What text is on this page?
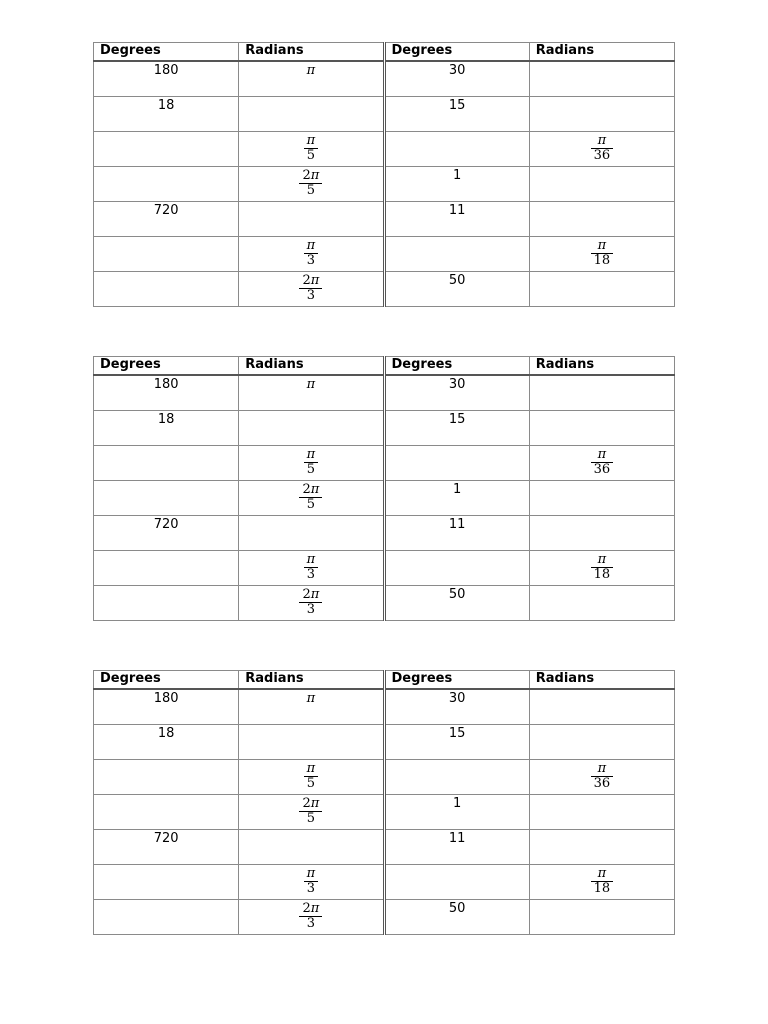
Degrees	Radians	Degrees	Radians
180	π	30	
18		15	

	$\frac{\pi}{5}$		$\frac{\pi}{36}$

	$\frac{2\pi}{5}$	1	
720		11	

	$\frac{\pi}{3}$		$\frac{\pi}{18}$

	$\frac{2\pi}{3}$	50	
Degrees	Radians	Degrees	Radians
180	π	30	
18		15	

	$\frac{\pi}{5}$		$\frac{\pi}{36}$

	$\frac{2\pi}{5}$	1	
720		11	

	$\frac{\pi}{3}$		$\frac{\pi}{18}$

	$\frac{2\pi}{3}$	50	
Degrees	Radians	Degrees	Radians
180	π	30	
18		15	

	$\frac{\pi}{5}$		$\frac{\pi}{36}$

	$\frac{2\pi}{5}$	1	
720		11	

	$\frac{\pi}{3}$		$\frac{\pi}{18}$

	$\frac{2\pi}{3}$	50	
